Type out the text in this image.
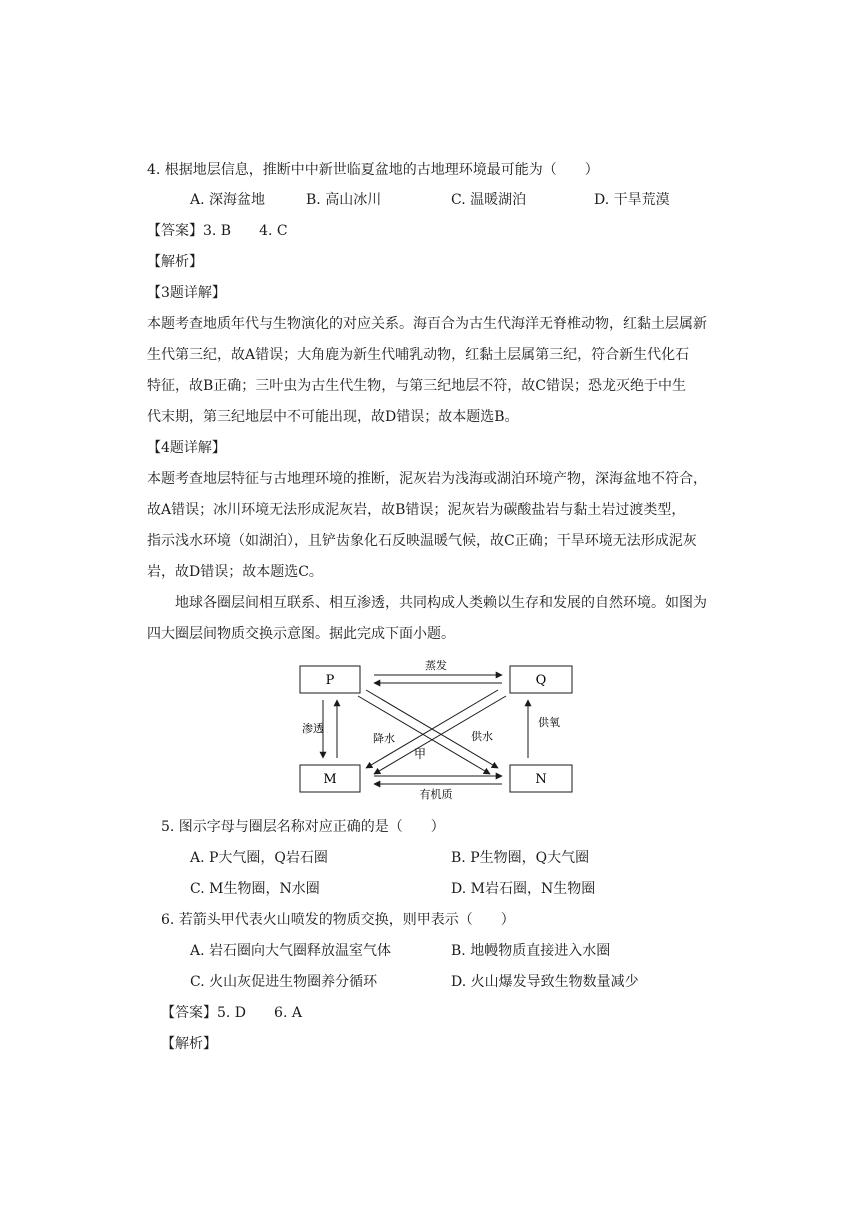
4. 根据地层信息，推断中中新世临夏盆地的古地理环境最可能为（　　）
A. 深海盆地	B. 高山冰川	C. 温暖湖泊	D. 干旱荒漠
【答案】3. B　　4. C
【解析】
【3题详解】
本题考查地质年代与生物演化的对应关系。海百合为古生代海洋无脊椎动物，红黏土层属新
生代第三纪，故A错误；大角鹿为新生代哺乳动物，红黏土层属第三纪，符合新生代化石
特征，故B正确；三叶虫为古生代生物，与第三纪地层不符，故C错误；恐龙灭绝于中生
代末期，第三纪地层中不可能出现，故D错误；故本题选B。
【4题详解】
本题考查地层特征与古地理环境的推断，泥灰岩为浅海或湖泊环境产物，深海盆地不符合，
故A错误；冰川环境无法形成泥灰岩，故B错误；泥灰岩为碳酸盐岩与黏土岩过渡类型，
指示浅水环境（如湖泊），且铲齿象化石反映温暖气候，故C正确；干旱环境无法形成泥灰
岩，故D错误；故本题选C。
地球各圈层间相互联系、相互渗透，共同构成人类赖以生存和发展的自然环境。如图为
四大圈层间物质交换示意图。据此完成下面小题。
P	Q
M	N
蒸发
有机质
渗透	供氧
降水	供水
甲
5. 图示字母与圈层名称对应正确的是（　　）
A. P大气圈，Q岩石圈	B. P生物圈，Q大气圈
C. M生物圈，N水圈	D. M岩石圈，N生物圈
6. 若箭头甲代表火山喷发的物质交换，则甲表示（　　）
A. 岩石圈向大气圈释放温室气体	B. 地幔物质直接进入水圈
C. 火山灰促进生物圈养分循环	D. 火山爆发导致生物数量减少
【答案】5. D　　6. A
【解析】
